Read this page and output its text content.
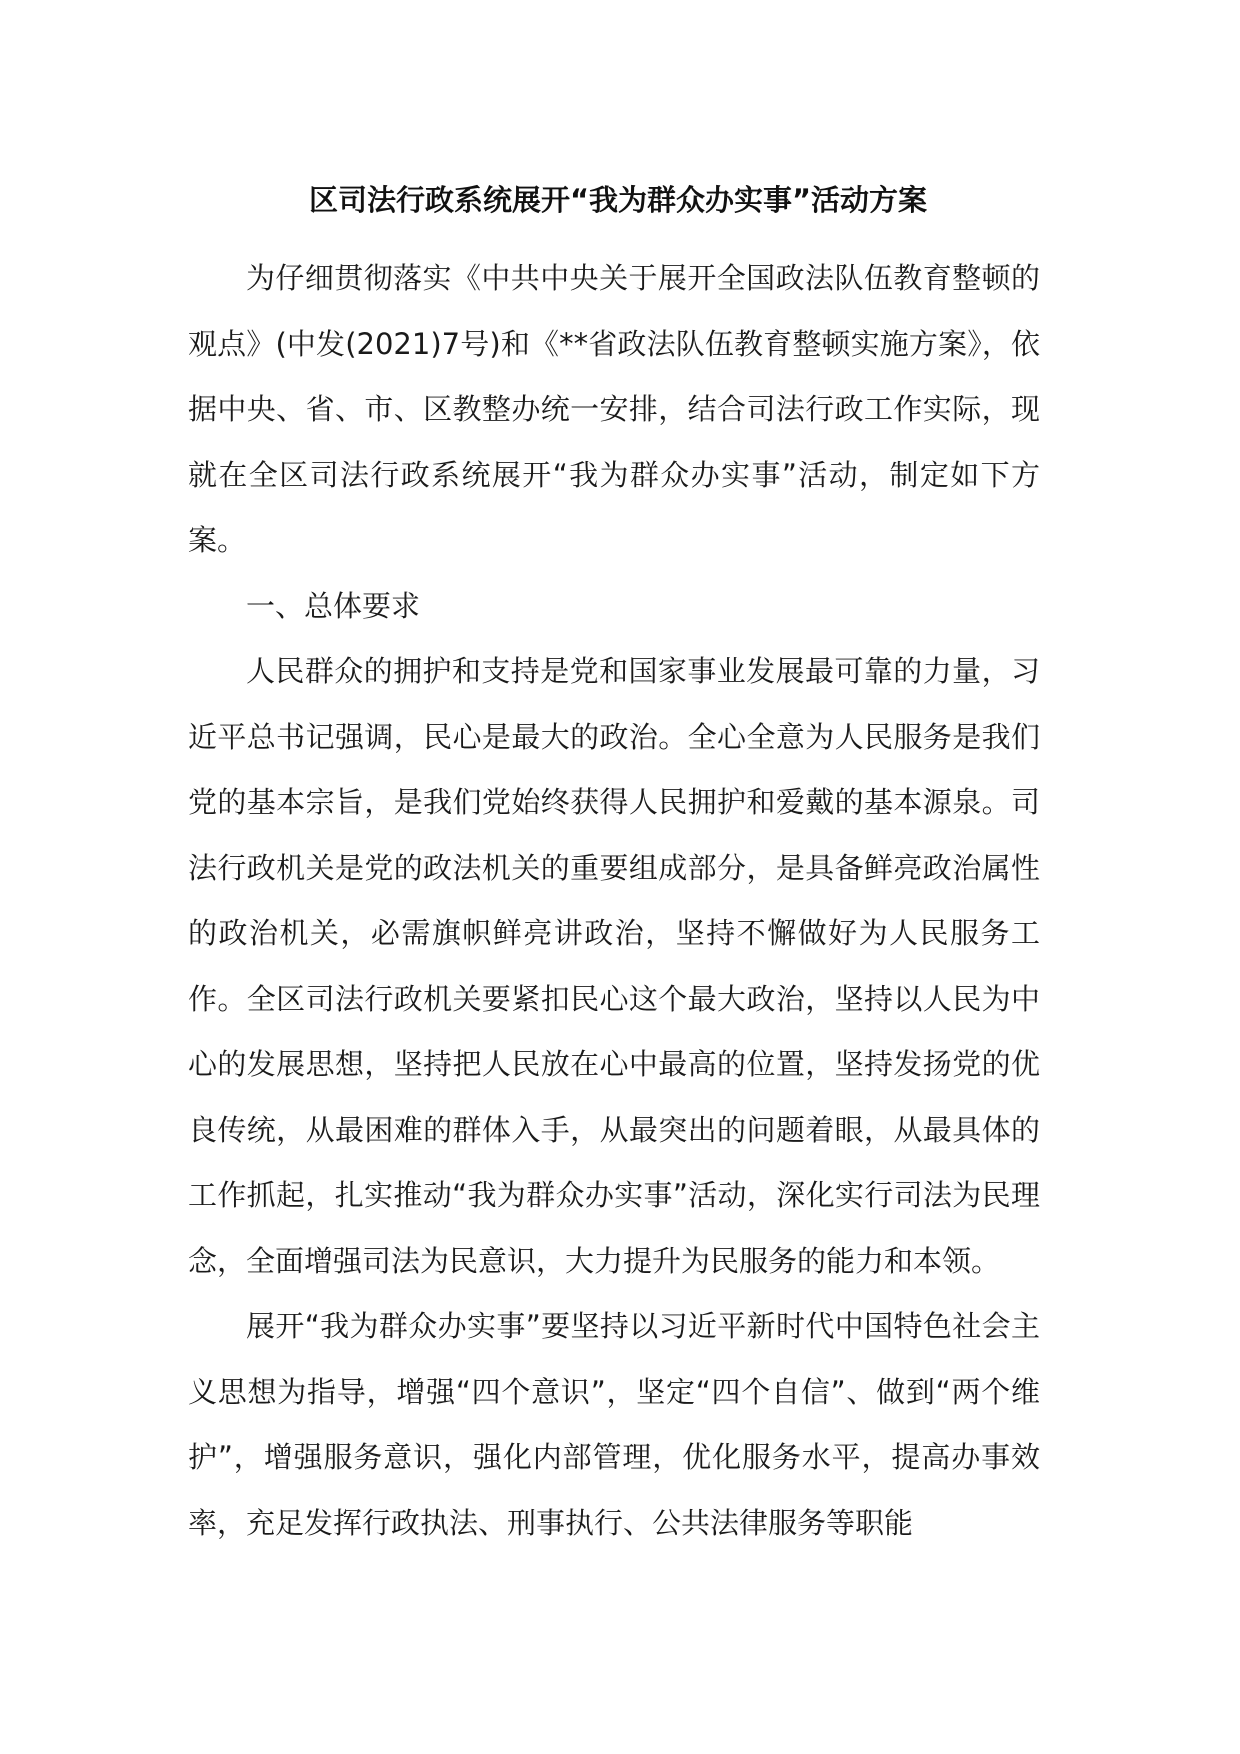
区司法行政系统展开“我为群众办实事”活动方案

为仔细贯彻落实《中共中央关于展开全国政法队伍教育整顿的观点》(中发(2021)7号)和《**省政法队伍教育整顿实施方案》，依据中央、省、市、区教整办统一安排，结合司法行政工作实际，现就在全区司法行政系统展开“我为群众办实事”活动，制定如下方案。

一、总体要求

人民群众的拥护和支持是党和国家事业发展最可靠的力量，习近平总书记强调，民心是最大的政治。全心全意为人民服务是我们党的基本宗旨，是我们党始终获得人民拥护和爱戴的基本源泉。司法行政机关是党的政法机关的重要组成部分，是具备鲜亮政治属性的政治机关，必需旗帜鲜亮讲政治，坚持不懈做好为人民服务工作。全区司法行政机关要紧扣民心这个最大政治，坚持以人民为中心的发展思想，坚持把人民放在心中最高的位置，坚持发扬党的优良传统，从最困难的群体入手，从最突出的问题着眼，从最具体的工作抓起，扎实推动“我为群众办实事”活动，深化实行司法为民理念，全面增强司法为民意识，大力提升为民服务的能力和本领。

展开“我为群众办实事”要坚持以习近平新时代中国特色社会主义思想为指导，增强“四个意识”，坚定“四个自信”、做到“两个维护”，增强服务意识，强化内部管理，优化服务水平，提高办事效率，充足发挥行政执法、刑事执行、公共法律服务等职能
